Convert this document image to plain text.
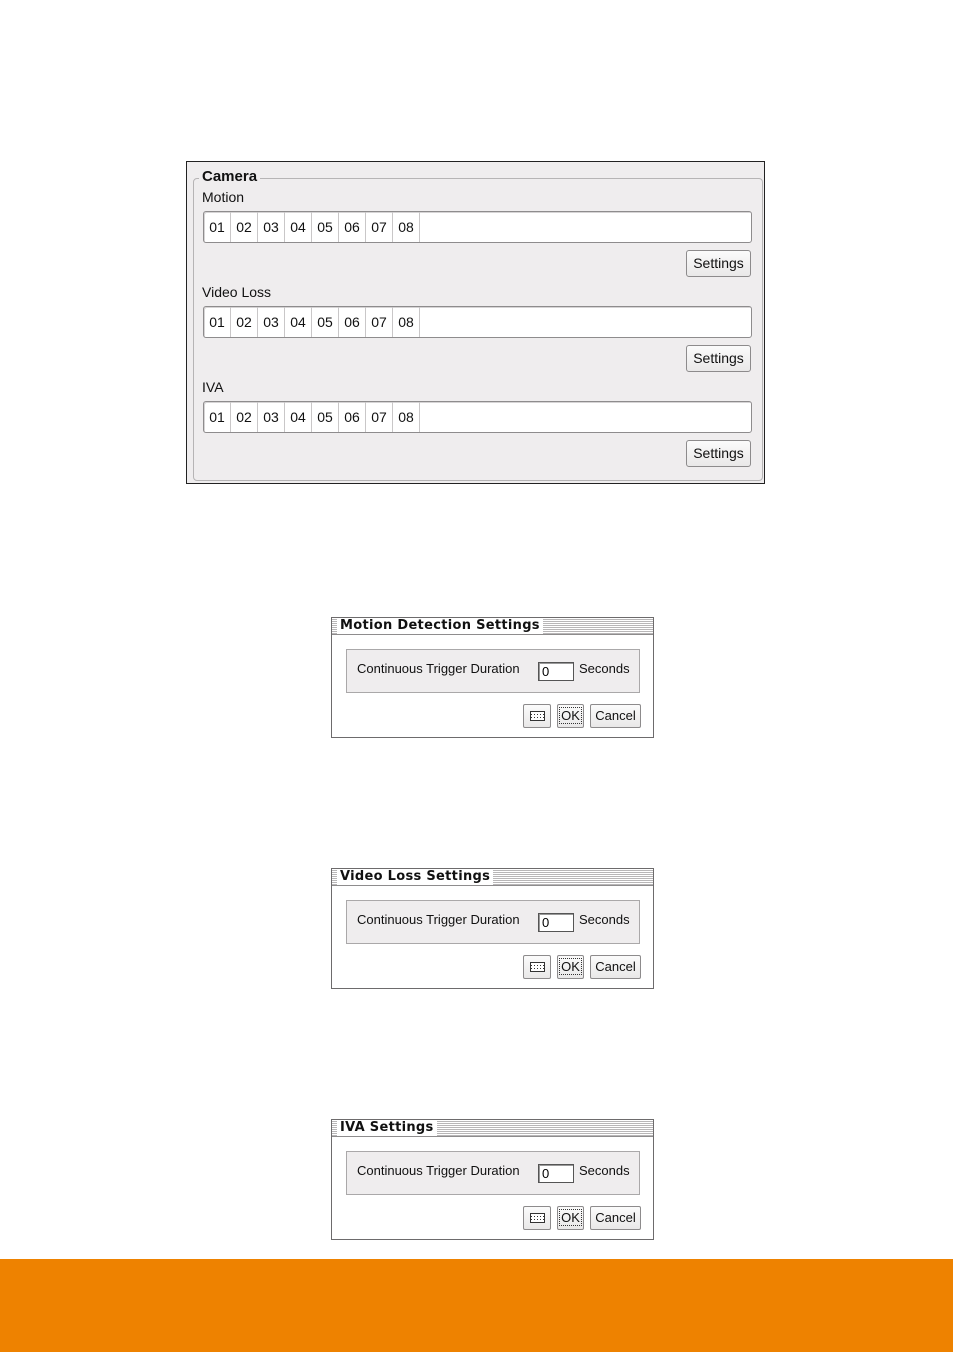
Camera
Motion
01 02 03 04 05 06 07 08
Settings
Video Loss
01 02 03 04 05 06 07 08
Settings
IVA
01 02 03 04 05 06 07 08
Settings
Motion Detection Settings
Continuous Trigger Duration
0	Seconds
OK	Cancel
Video Loss Settings
Continuous Trigger Duration
0	Seconds
OK	Cancel
IVA Settings
Continuous Trigger Duration
0	Seconds
OK	Cancel
